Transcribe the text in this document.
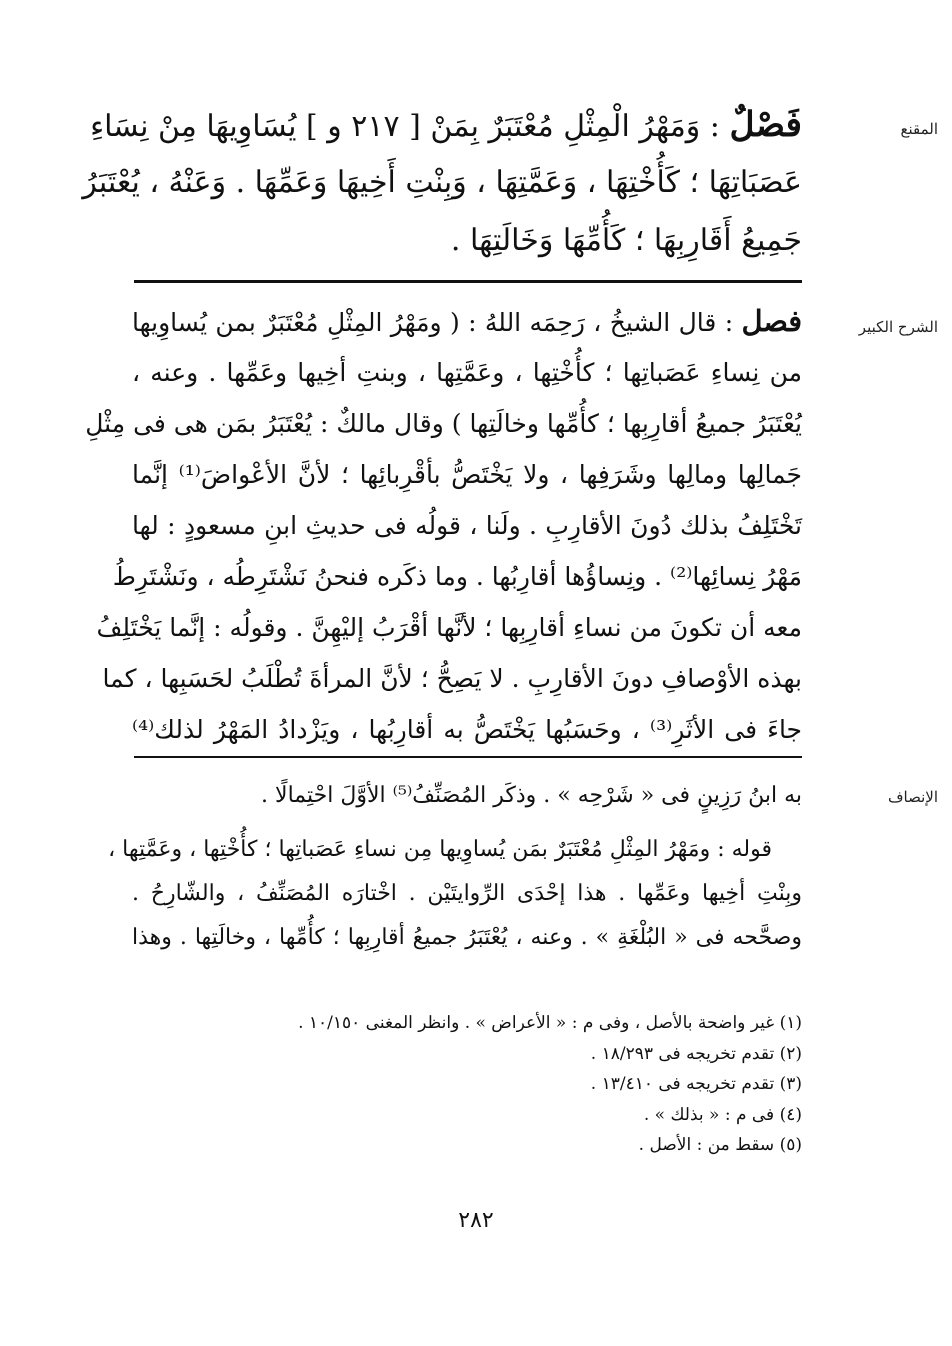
المقنع
فَصْلٌ : وَمَهْرُ الْمِثْلِ مُعْتَبَرٌ بِمَنْ [ ٢١٧ و ] يُسَاوِيهَا مِنْ نِسَاءِ
عَصَبَاتِهَا ؛ كَأُخْتِهَا ، وَعَمَّتِهَا ، وَبِنْتِ أَخِيهَا وَعَمِّهَا . وَعَنْهُ ، يُعْتَبَرُ
جَمِيعُ أَقَارِبِهَا ؛ كَأُمِّهَا وَخَالَتِهَا .
الشرح الكبير
فصل : قال الشيخُ ، رَحِمَه اللهُ : ( ومَهْرُ المِثْلِ مُعْتَبَرٌ بمن يُساوِيها
من نِساءِ عَصَباتِها ؛ كأُخْتِها ، وعَمَّتِها ، وبنتِ أخِيها وعَمِّها . وعنه ،
يُعْتَبَرُ جميعُ أقارِبِها ؛ كأُمِّها وخالَتِها ) وقال مالكٌ : يُعْتَبَرُ بمَن هى فى مِثْلِ
جَمالِها ومالِها وشَرَفِها ، ولا يَخْتَصُّ بأقْرِبائِها ؛ لأنَّ الأعْواضَ⁽¹⁾ إنَّما
تَخْتَلِفُ بذلك دُونَ الأقارِبِ . ولَنا ، قولُه فى حديثِ ابنِ مسعودٍ : لها
مَهْرُ نِسائِها⁽²⁾ . ونِساؤُها أقارِبُها . وما ذكَره فنحنُ نَشْتَرِطُه ، ونَشْتَرِطُ
معه أن تكونَ من نساءِ أقارِبِها ؛ لأنَّها أقْرَبُ إليْهِنَّ . وقولُه : إنَّما يَخْتَلِفُ
بهذه الأوْصافِ دونَ الأقارِبِ . لا يَصِحُّ ؛ لأنَّ المرأةَ تُطْلَبُ لحَسَبِها ، كما
جاءَ فى الأثَرِ⁽³⁾ ، وحَسَبُها يَخْتَصُّ به أقارِبُها ، ويَزْدادُ المَهْرُ لذلك⁽⁴⁾
الإنصاف
به ابنُ رَزِينٍ فى « شَرْحِه » . وذكَر المُصَنِّفُ⁽⁵⁾ الأوَّلَ احْتِمالًا .
قوله : ومَهْرُ المِثْلِ مُعْتَبَرٌ بمَن يُساوِيها مِن نساءِ عَصَباتِها ؛ كأُخْتِها ، وعَمَّتِها ،
وبِنْتِ أخِيها وعَمِّها . هذا إحْدَى الرِّوايتَيْن . اخْتارَه المُصَنِّفُ ، والشّارِحُ .
وصحَّحه فى « البُلْغَةِ » . وعنه ، يُعْتَبَرُ جميعُ أقارِبِها ؛ كأُمِّها ، وخالَتِها . وهذا
(١) غير واضحة بالأصل ، وفى م : « الأعراض » . وانظر المغنى ١٠/١٥٠ .
(٢) تقدم تخريجه فى ١٨/٢٩٣ .
(٣) تقدم تخريجه فى ١٣/٤١٠ .
(٤) فى م : « بذلك » .
(٥) سقط من : الأصل .
٢٨٢
